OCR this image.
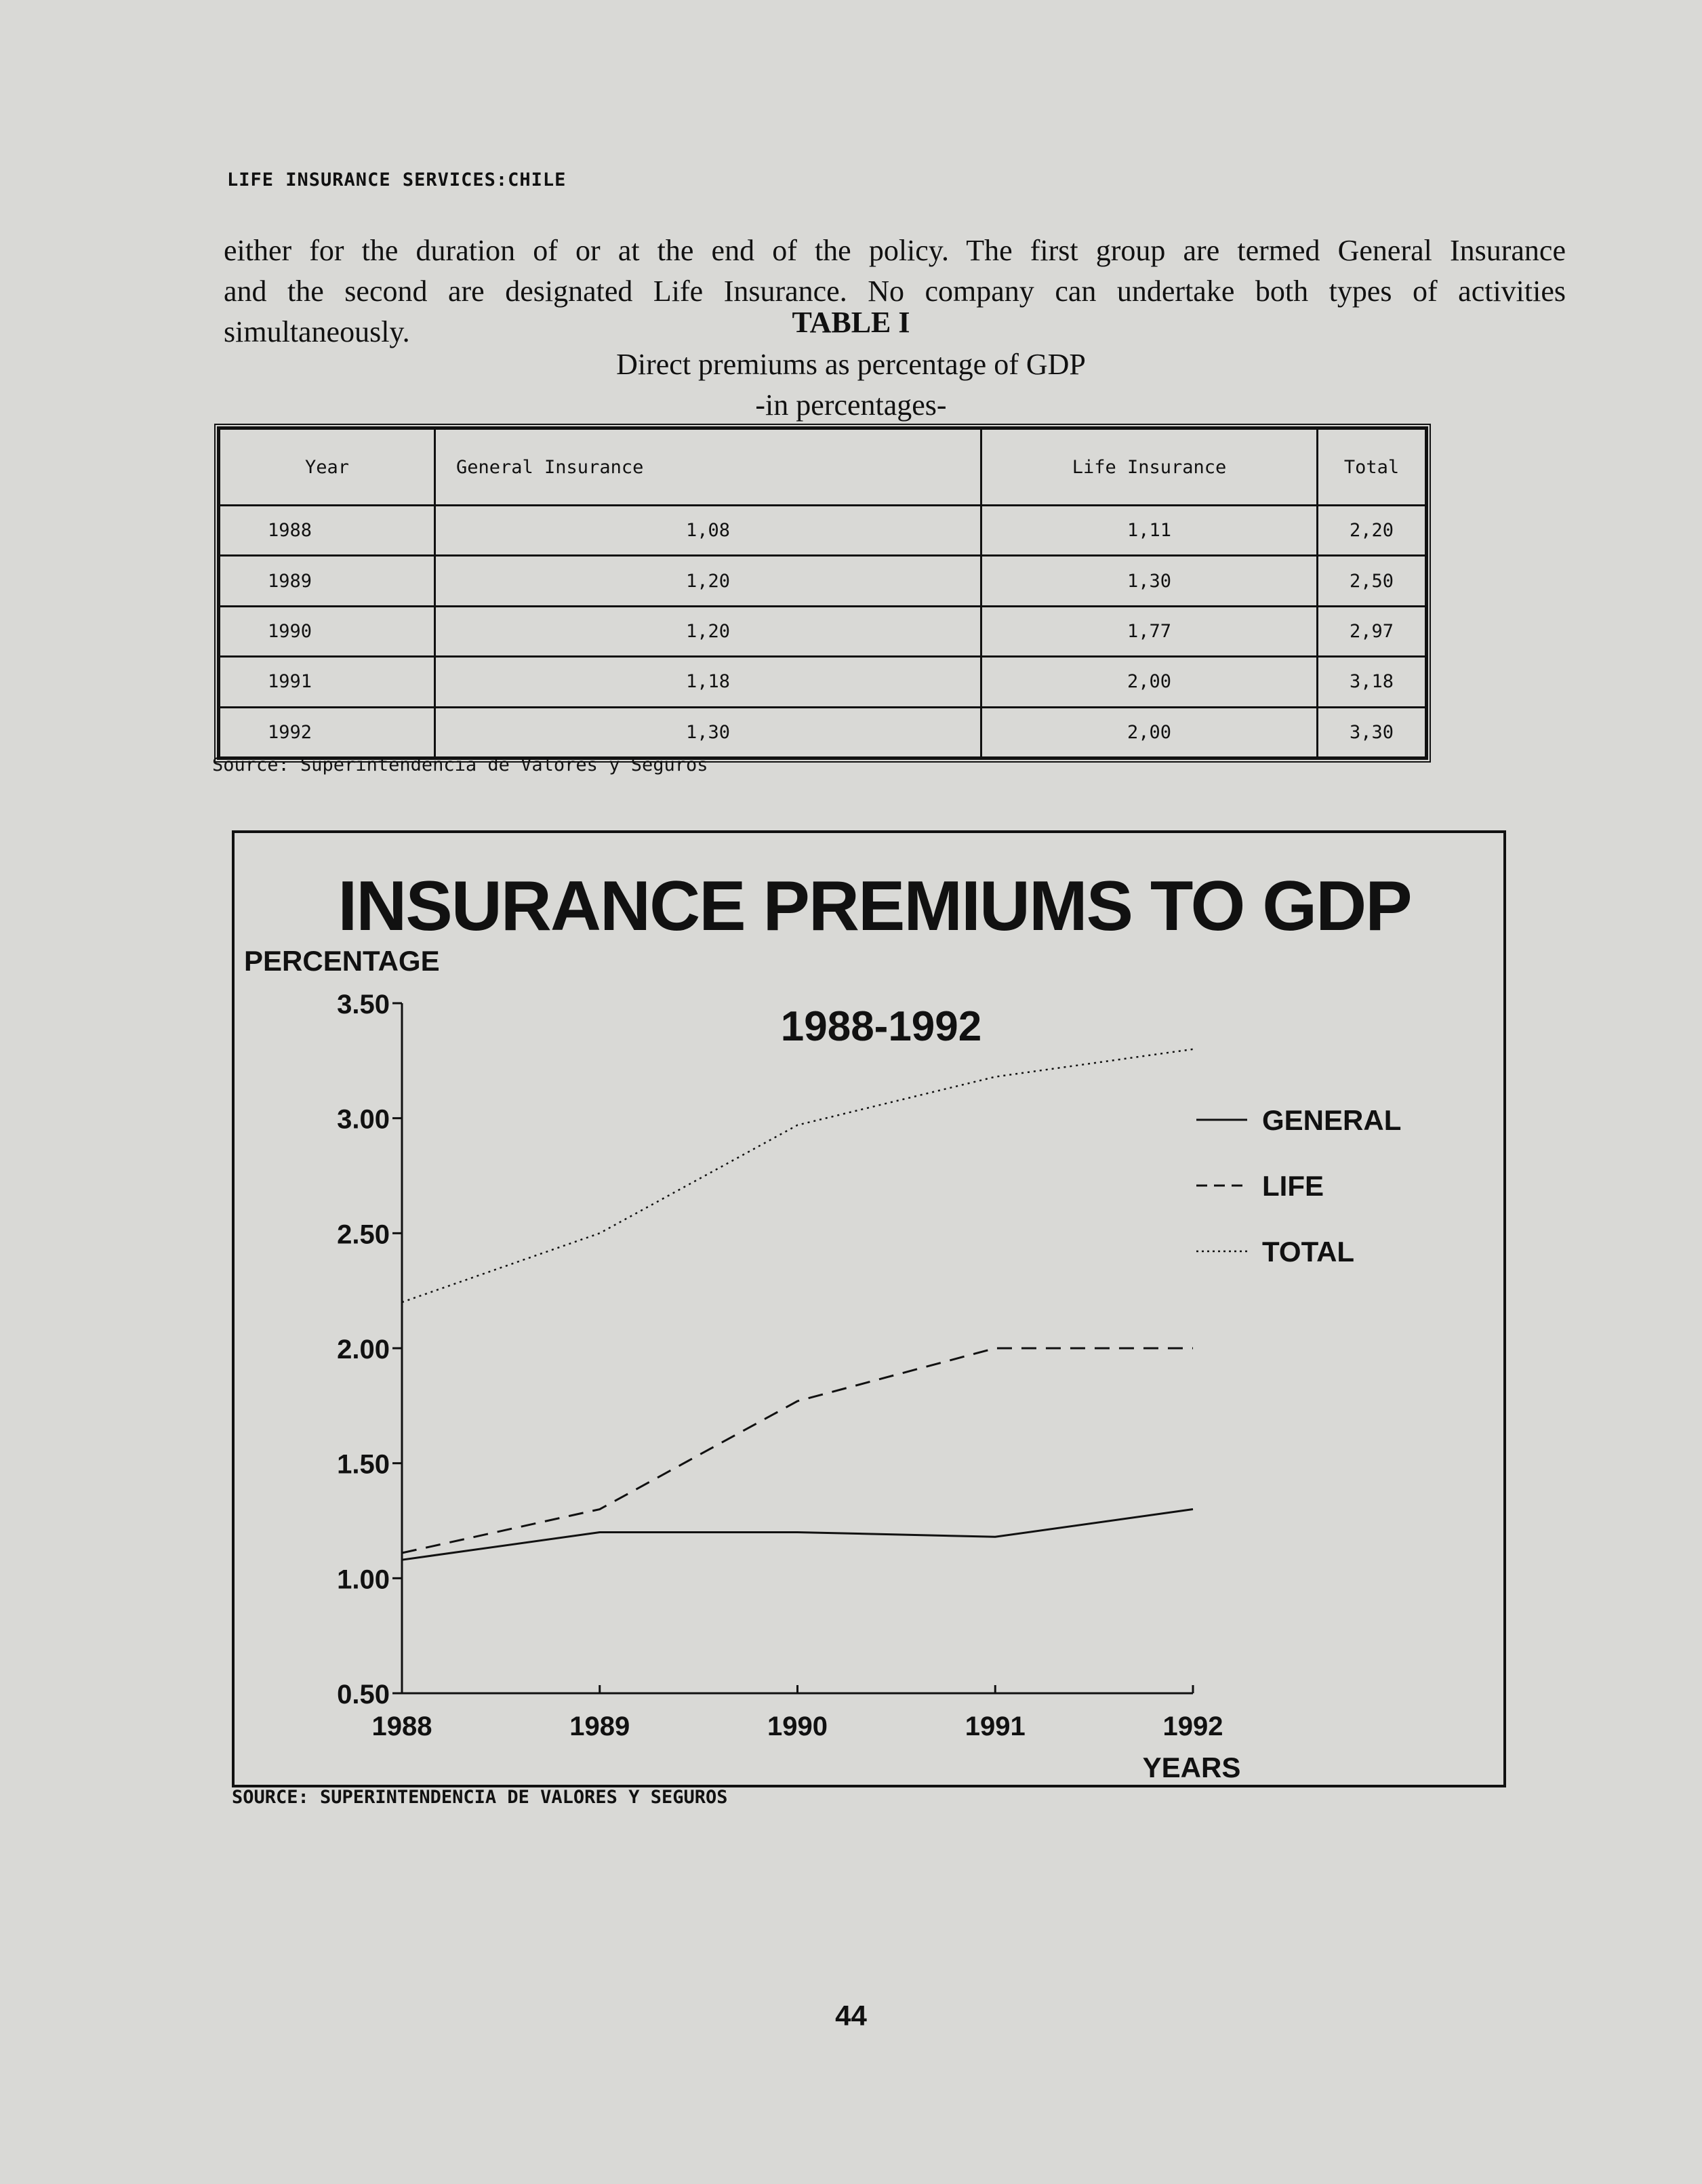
LIFE INSURANCE SERVICES:CHILE

either for the duration of or at the end of the policy. The first group are termed General Insurance

and the second are designated Life Insurance. No company can undertake both types of activities simultaneously.	TABLE I
Direct premiums as percentage of GDP
-in percentages-
Year	General Insurance	Life Insurance	Total
1988	1,08	1,11	2,20
1989	1,20	1,30	2,50
1990	1,20	1,77	2,97
1991	1,18	2,00	3,18
1992	1,30	2,00	3,30
Source: Superintendencia de Valores y Seguros
INSURANCE PREMIUMS TO GDP
1988-1992
PERCENTAGE
YEARS
0.50
1.00
1.50
2.00
2.50
3.00
3.50
1988	1989	1990	1991	1992
GENERAL
LIFE
TOTAL
SOURCE: SUPERINTENDENCIA DE VALORES Y SEGUROS
44
